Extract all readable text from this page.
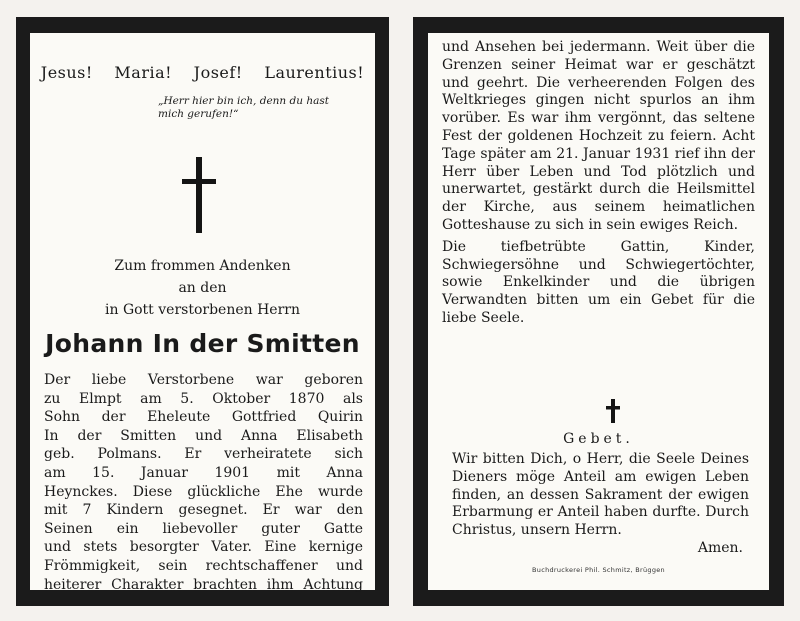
Jesus! Maria! Josef! Laurentius!
„Herr hier bin ich, denn du hast mich gerufen!“
Zum frommen Andenken
an den
in Gott verstorbenen Herrn
Johann In der Smitten
Der liebe Verstorbene war geboren
zu Elmpt am 5. Oktober 1870 als
Sohn der Eheleute Gottfried Quirin
In der Smitten und Anna Elisabeth
geb. Polmans. Er verheiratete sich
am 15. Januar 1901 mit Anna
Heynckes. Diese glückliche Ehe wurde
mit 7 Kindern gesegnet. Er war den
Seinen ein liebevoller guter Gatte
und stets besorgter Vater. Eine kernige
Frömmigkeit, sein rechtschaffener und
heiterer Charakter brachten ihm Achtung

und Ansehen bei jedermann. Weit über die Grenzen seiner Heimat war er geschätzt und geehrt. Die verheerenden Folgen des Weltkrieges gingen nicht spurlos an ihm vorüber. Es war ihm vergönnt, das seltene Fest der goldenen Hochzeit zu feiern. Acht Tage später am 21. Januar 1931 rief ihn der Herr über Leben und Tod plötzlich und unerwartet, gestärkt durch die Heilsmittel der Kirche, aus seinem heimatlichen Gotteshause zu sich in sein ewiges Reich.

Die tiefbetrübte Gattin, Kinder, Schwiegersöhne und Schwiegertöchter, sowie Enkelkinder und die übrigen Verwandten bitten um ein Gebet für die liebe Seele.

Gebet.
Wir bitten Dich, o Herr, die Seele Deines Dieners möge Anteil am ewigen Leben finden, an dessen Sakrament der ewigen Erbarmung er Anteil haben durfte. Durch Christus, unsern Herrn.
Amen.
Buchdruckerei Phil. Schmitz, Brüggen
